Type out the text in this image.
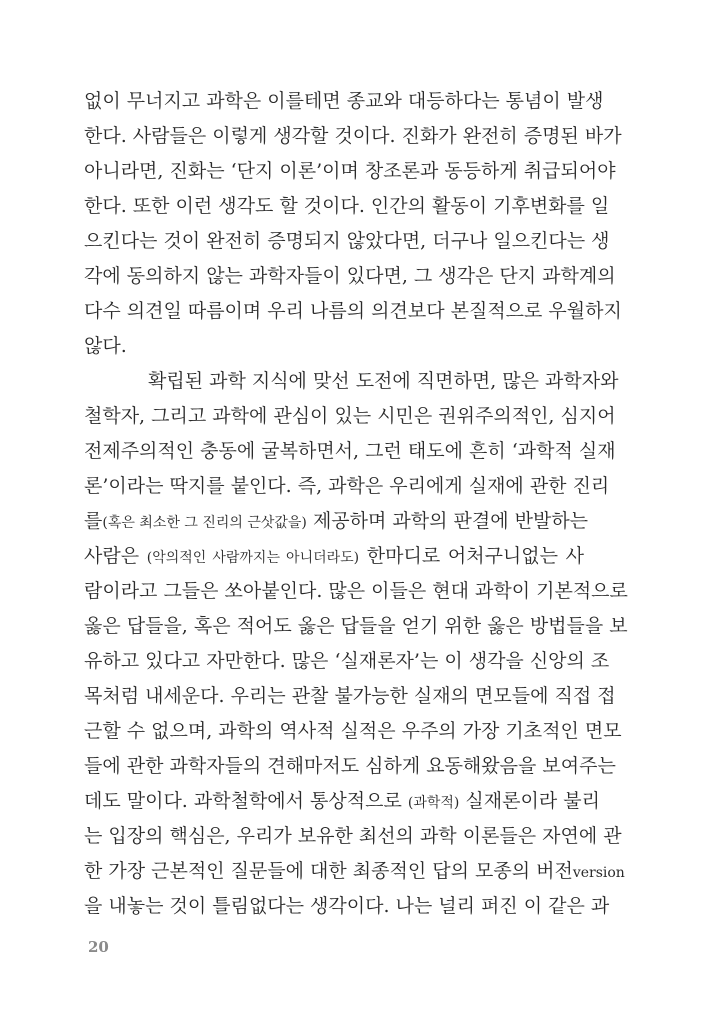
없이 무너지고 과학은 이를테면 종교와 대등하다는 통념이 발생
한다. 사람들은 이렇게 생각할 것이다. 진화가 완전히 증명된 바가
아니라면, 진화는 ‘단지 이론’이며 창조론과 동등하게 취급되어야
한다. 또한 이런 생각도 할 것이다. 인간의 활동이 기후변화를 일
으킨다는 것이 완전히 증명되지 않았다면, 더구나 일으킨다는 생
각에 동의하지 않는 과학자들이 있다면, 그 생각은 단지 과학계의
다수 의견일 따름이며 우리 나름의 의견보다 본질적으로 우월하지
않다.
확립된 과학 지식에 맞선 도전에 직면하면, 많은 과학자와
철학자, 그리고 과학에 관심이 있는 시민은 권위주의적인, 심지어
전제주의적인 충동에 굴복하면서, 그런 태도에 흔히 ‘과학적 실재
론’이라는 딱지를 붙인다. 즉, 과학은 우리에게 실재에 관한 진리
를(혹은 최소한 그 진리의 근삿값을) 제공하며 과학의 판결에 반발하는
사람은 (악의적인 사람까지는 아니더라도) 한마디로 어처구니없는 사
람이라고 그들은 쏘아붙인다. 많은 이들은 현대 과학이 기본적으로
옳은 답들을, 혹은 적어도 옳은 답들을 얻기 위한 옳은 방법들을 보
유하고 있다고 자만한다. 많은 ‘실재론자’는 이 생각을 신앙의 조
목처럼 내세운다. 우리는 관찰 불가능한 실재의 면모들에 직접 접
근할 수 없으며, 과학의 역사적 실적은 우주의 가장 기초적인 면모
들에 관한 과학자들의 견해마저도 심하게 요동해왔음을 보여주는
데도 말이다. 과학철학에서 통상적으로 (과학적) 실재론이라 불리
는 입장의 핵심은, 우리가 보유한 최선의 과학 이론들은 자연에 관
한 가장 근본적인 질문들에 대한 최종적인 답의 모종의 버전version
을 내놓는 것이 틀림없다는 생각이다. 나는 널리 퍼진 이 같은 과
20
